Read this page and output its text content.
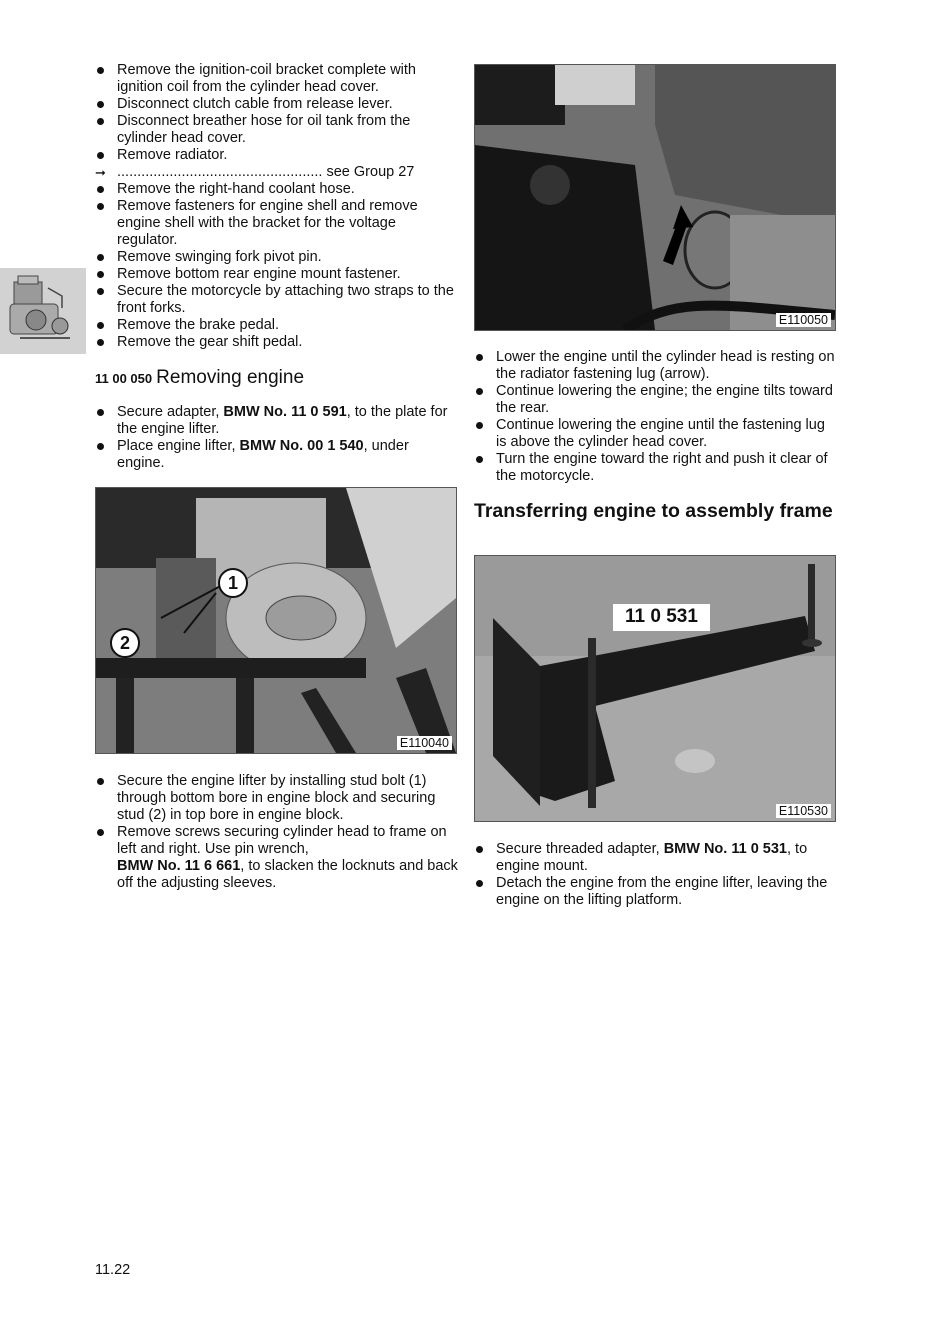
Remove the ignition-coil bracket complete with ignition coil from the cylinder head cover.
Disconnect clutch cable from release lever.
Disconnect breather hose for oil tank from the cylinder head cover.
Remove radiator.
➞ ................................................... see Group 27
Remove the right-hand coolant hose.
Remove fasteners for engine shell and remove engine shell with the bracket for the voltage regulator.
Remove swinging fork pivot pin.
Remove bottom rear engine mount fastener.
Secure the motorcycle by attaching two straps to the front forks.
Remove the brake pedal.
Remove the gear shift pedal.
11 00 050 Removing engine
Secure adapter, BMW No. 11 0 591, to the plate for the engine lifter.
Place engine lifter, BMW No. 00 1 540, under engine.
1
2
E110040
Secure the engine lifter by installing stud bolt (1) through bottom bore in engine block and securing stud (2) in top bore in engine block.
Remove screws securing cylinder head to frame on left and right. Use pin wrench,
BMW No. 11 6 661, to slacken the locknuts and back off the adjusting sleeves.
E110050
Lower the engine until the cylinder head is resting on the radiator fastening lug (arrow).
Continue lowering the engine; the engine tilts toward the rear.
Continue lowering the engine until the fastening lug is above the cylinder head cover.
Turn the engine toward the right and push it clear of the motorcycle.
Transferring engine to assembly frame
11 0 531
E110530
Secure threaded adapter, BMW No. 11 0 531, to engine mount.
Detach the engine from the engine lifter, leaving the engine on the lifting platform.
11.22
